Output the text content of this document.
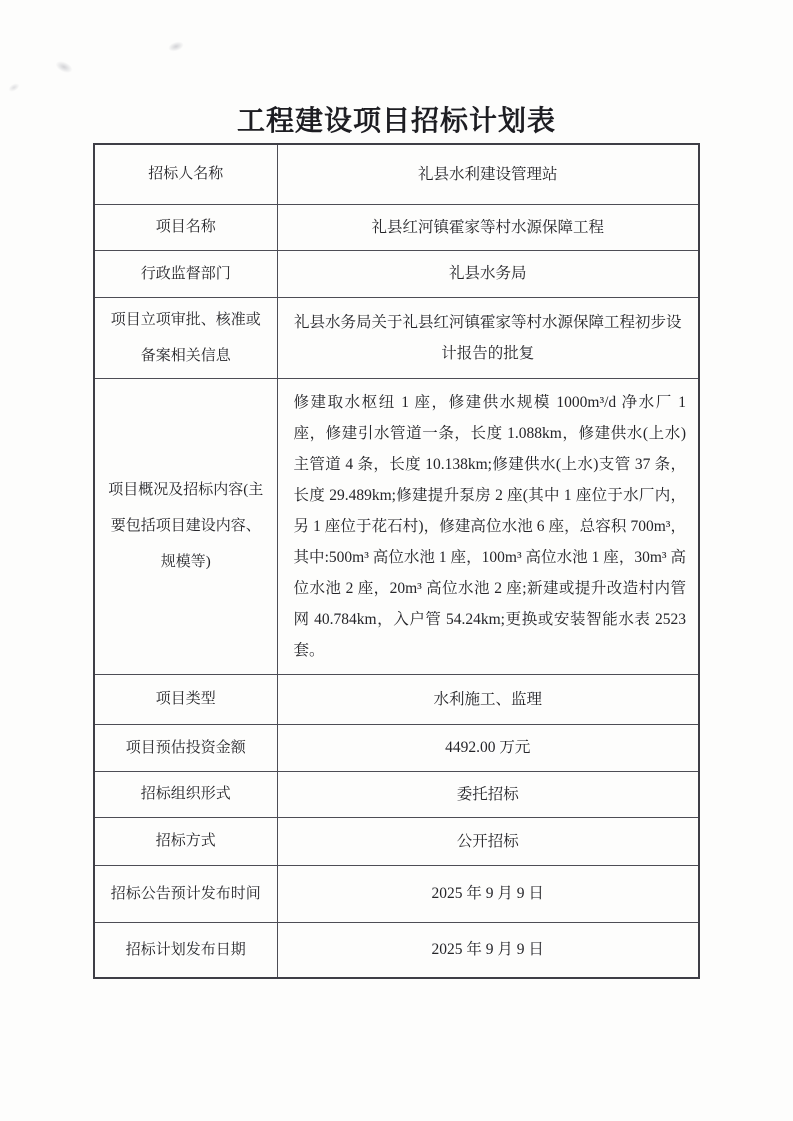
工程建设项目招标计划表
招标人名称	礼县水利建设管理站
项目名称	礼县红河镇霍家等村水源保障工程
行政监督部门	礼县水务局
项目立项审批、核准或备案相关信息	礼县水务局关于礼县红河镇霍家等村水源保障工程初步设计报告的批复
项目概况及招标内容(主要包括项目建设内容、规模等)	修建取水枢纽 1 座，修建供水规模 1000m³/d 净水厂 1 座，修建引水管道一条，长度 1.088km，修建供水(上水)主管道 4 条，长度 10.138km;修建供水(上水)支管 37 条，长度 29.489km;修建提升泵房 2 座(其中 1 座位于水厂内，另 1 座位于花石村)，修建高位水池 6 座，总容积 700m³，其中:500m³ 高位水池 1 座，100m³ 高位水池 1 座，30m³ 高位水池 2 座，20m³ 高位水池 2 座;新建或提升改造村内管网 40.784km，入户管 54.24km;更换或安装智能水表 2523 套。
项目类型	水利施工、监理
项目预估投资金额	4492.00 万元
招标组织形式	委托招标
招标方式	公开招标
招标公告预计发布时间	2025 年 9 月 9 日
招标计划发布日期	2025 年 9 月 9 日
